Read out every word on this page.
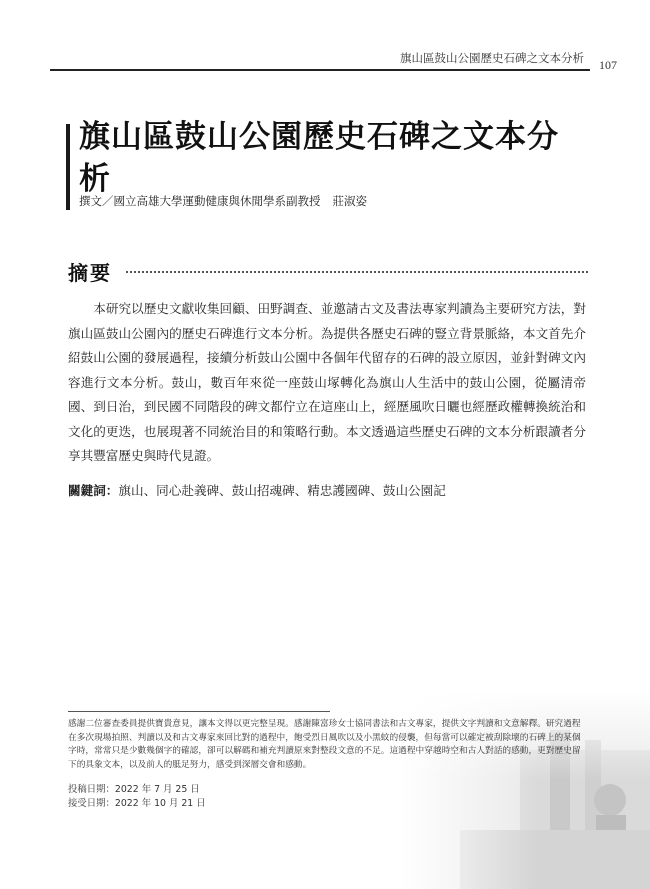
旗山區鼓山公園歷史石碑之文本分析 107
旗山區鼓山公園歷史石碑之文本分析
撰文／國立高雄大學運動健康與休閒學系副教授 莊淑姿
摘要

本研究以歷史文獻收集回顧、田野調查、並邀請古文及書法專家判讀為主要研究方法，對旗山區鼓山公園內的歷史石碑進行文本分析。為提供各歷史石碑的豎立背景脈絡，本文首先介紹鼓山公園的發展過程，接續分析鼓山公園中各個年代留存的石碑的設立原因，並針對碑文內容進行文本分析。鼓山，數百年來從一座鼓山塚轉化為旗山人生活中的鼓山公園，從屬清帝國、到日治，到民國不同階段的碑文都佇立在這座山上，經歷風吹日曬也經歷政權轉換統治和文化的更迭，也展現著不同統治目的和策略行動。本文透過這些歷史石碑的文本分析跟讀者分享其豐富歷史與時代見證。

關鍵詞：旗山、同心赴義碑、鼓山招魂碑、精忠護國碑、鼓山公園記

感謝二位審查委員提供寶貴意見，讓本文得以更完整呈現。感謝陳富珍女士協同書法和古文專家，提供文字判讀和文意解釋。研究過程在多次現場拍照、判讀以及和古文專家來回比對的過程中，飽受烈日風吹以及小黑蚊的侵襲，但每當可以確定被刮除壞的石碑上的某個字時，常常只是少數幾個字的確認，卻可以解碼和補充判讀原來對整段文意的不足。這過程中穿越時空和古人對話的感動，更對歷史留下的具象文本，以及前人的胝足努力，感受到深層交會和感動。

投稿日期：2022 年 7 月 25 日
接受日期：2022 年 10 月 21 日
